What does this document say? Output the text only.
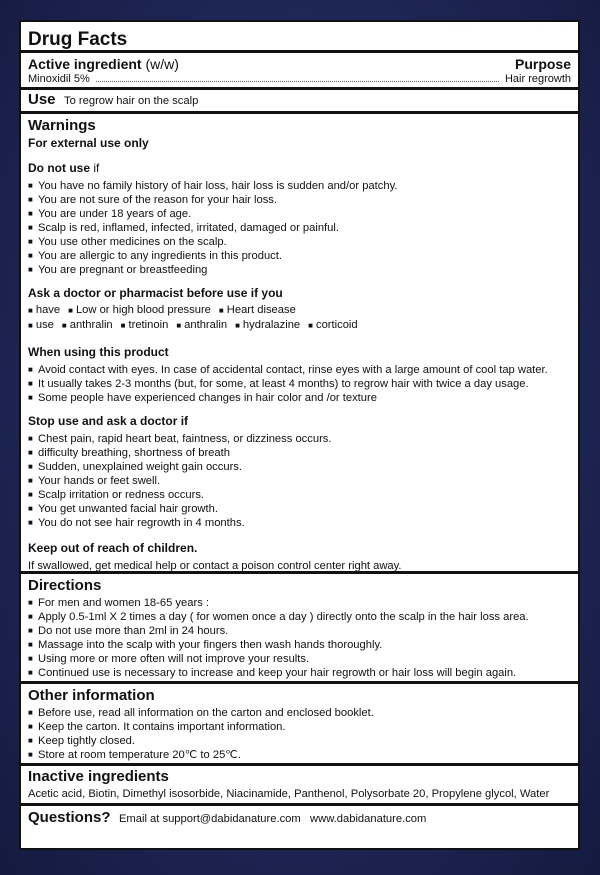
Drug Facts
Active ingredient (w/w)	Purpose
Minoxidil 5%	Hair regrowth
Use To regrow hair on the scalp
Warnings
For external use only
Do not use if
■ You have no family history of hair loss, hair loss is sudden and/or patchy.
■ You are not sure of the reason for your hair loss.
■ You are under 18 years of age.
■ Scalp is red, inflamed, infected, irritated, damaged or painful.
■ You use other medicines on the scalp.
■ You are allergic to any ingredients in this product.
■ You are pregnant or breastfeeding
Ask a doctor or pharmacist before use if you
■ have	■ Low or high blood pressure	■ Heart disease
■ use	■ anthralin	■ tretinoin	■ anthralin	■ hydralazine	■ corticoid
When using this product
■ Avoid contact with eyes. In case of accidental contact, rinse eyes with a large amount of cool tap water.
■ It usually takes 2-3 months (but, for some, at least 4 months) to regrow hair with twice a day usage.
■ Some people have experienced changes in hair color and /or texture
Stop use and ask a doctor if
■ Chest pain, rapid heart beat, faintness, or dizziness occurs.
■ difficulty breathing, shortness of breath
■ Sudden, unexplained weight gain occurs.
■ Your hands or feet swell.
■ Scalp irritation or redness occurs.
■ You get unwanted facial hair growth.
■ You do not see hair regrowth in 4 months.
Keep out of reach of children.
If swallowed, get medical help or contact a poison control center right away.
Directions
■ For men and women 18-65 years :
■ Apply 0.5-1ml X 2 times a day ( for women once a day ) directly onto the scalp in the hair loss area.
■ Do not use more than 2ml in 24 hours.
■ Massage into the scalp with your fingers then wash hands thoroughly.
■ Using more or more often will not improve your results.
■ Continued use is necessary to increase and keep your hair regrowth or hair loss will begin again.
Other information
■ Before use, read all information on the carton and enclosed booklet.
■ Keep the carton. It contains important information.
■ Keep tightly closed.
■ Store at room temperature 20℃ to 25℃.
Inactive ingredients
Acetic acid, Biotin, Dimethyl isosorbide, Niacinamide, Panthenol, Polysorbate 20, Propylene glycol, Water
Questions? Email at support@dabidanature.com   www.dabidanature.com
